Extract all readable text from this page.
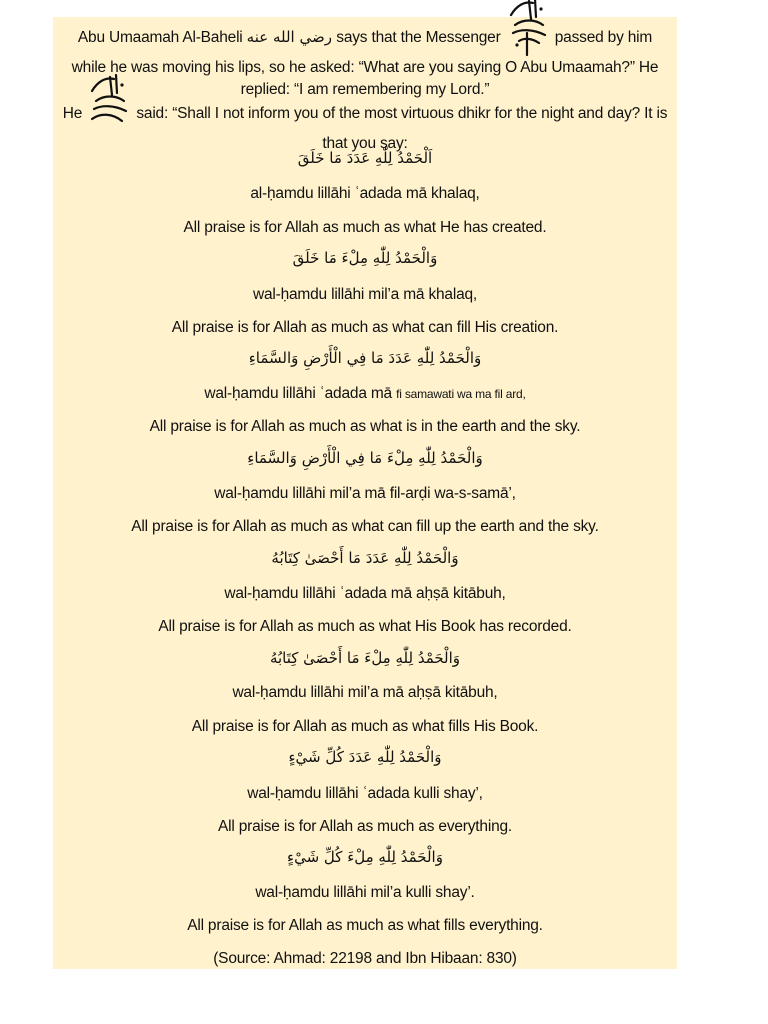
Abu Umaamah Al-Baheli رضي الله عنه says that the Messenger	passed by him while he was moving his lips, so he asked: “What are you saying O Abu Umaamah?” He replied: “I am remembering my Lord.”

He	said: “Shall I not inform you of the most virtuous dhikr for the night and day? It is that you say:

اَلْحَمْدُ لِلّٰهِ عَدَدَ مَا خَلَقَ
al-ḥamdu lillāhi ʿadada mā khalaq,
All praise is for Allah as much as what He has created.
وَالْحَمْدُ لِلّٰهِ مِلْءَ مَا خَلَقَ
wal-ḥamdu lillāhi mil’a mā khalaq,
All praise is for Allah as much as what can fill His creation.
وَالْحَمْدُ لِلّٰهِ عَدَدَ مَا فِي الْأَرْضِ وَالسَّمَاءِ
wal-ḥamdu lillāhi ʿadada mā fi samawati wa ma fil ard,
All praise is for Allah as much as what is in the earth and the sky.
وَالْحَمْدُ لِلّٰهِ مِلْءَ مَا فِي الْأَرْضِ وَالسَّمَاءِ
wal-ḥamdu lillāhi mil’a mā fil-arḍi wa-s-samā’,
All praise is for Allah as much as what can fill up the earth and the sky.
وَالْحَمْدُ لِلّٰهِ عَدَدَ مَا أَحْصَىٰ كِتَابُهُ
wal-ḥamdu lillāhi ʿadada mā aḥṣā kitābuh,
All praise is for Allah as much as what His Book has recorded.
وَالْحَمْدُ لِلّٰهِ مِلْءَ مَا أَحْصَىٰ كِتَابُهُ
wal-ḥamdu lillāhi mil’a mā aḥṣā kitābuh,
All praise is for Allah as much as what fills His Book.
وَالْحَمْدُ لِلّٰهِ عَدَدَ كُلِّ شَيْءٍ
wal-ḥamdu lillāhi ʿadada kulli shay’,
All praise is for Allah as much as everything.
وَالْحَمْدُ لِلّٰهِ مِلْءَ كُلِّ شَيْءٍ
wal-ḥamdu lillāhi mil’a kulli shay’.
All praise is for Allah as much as what fills everything.
(Source: Ahmad: 22198 and Ibn Hibaan: 830)
